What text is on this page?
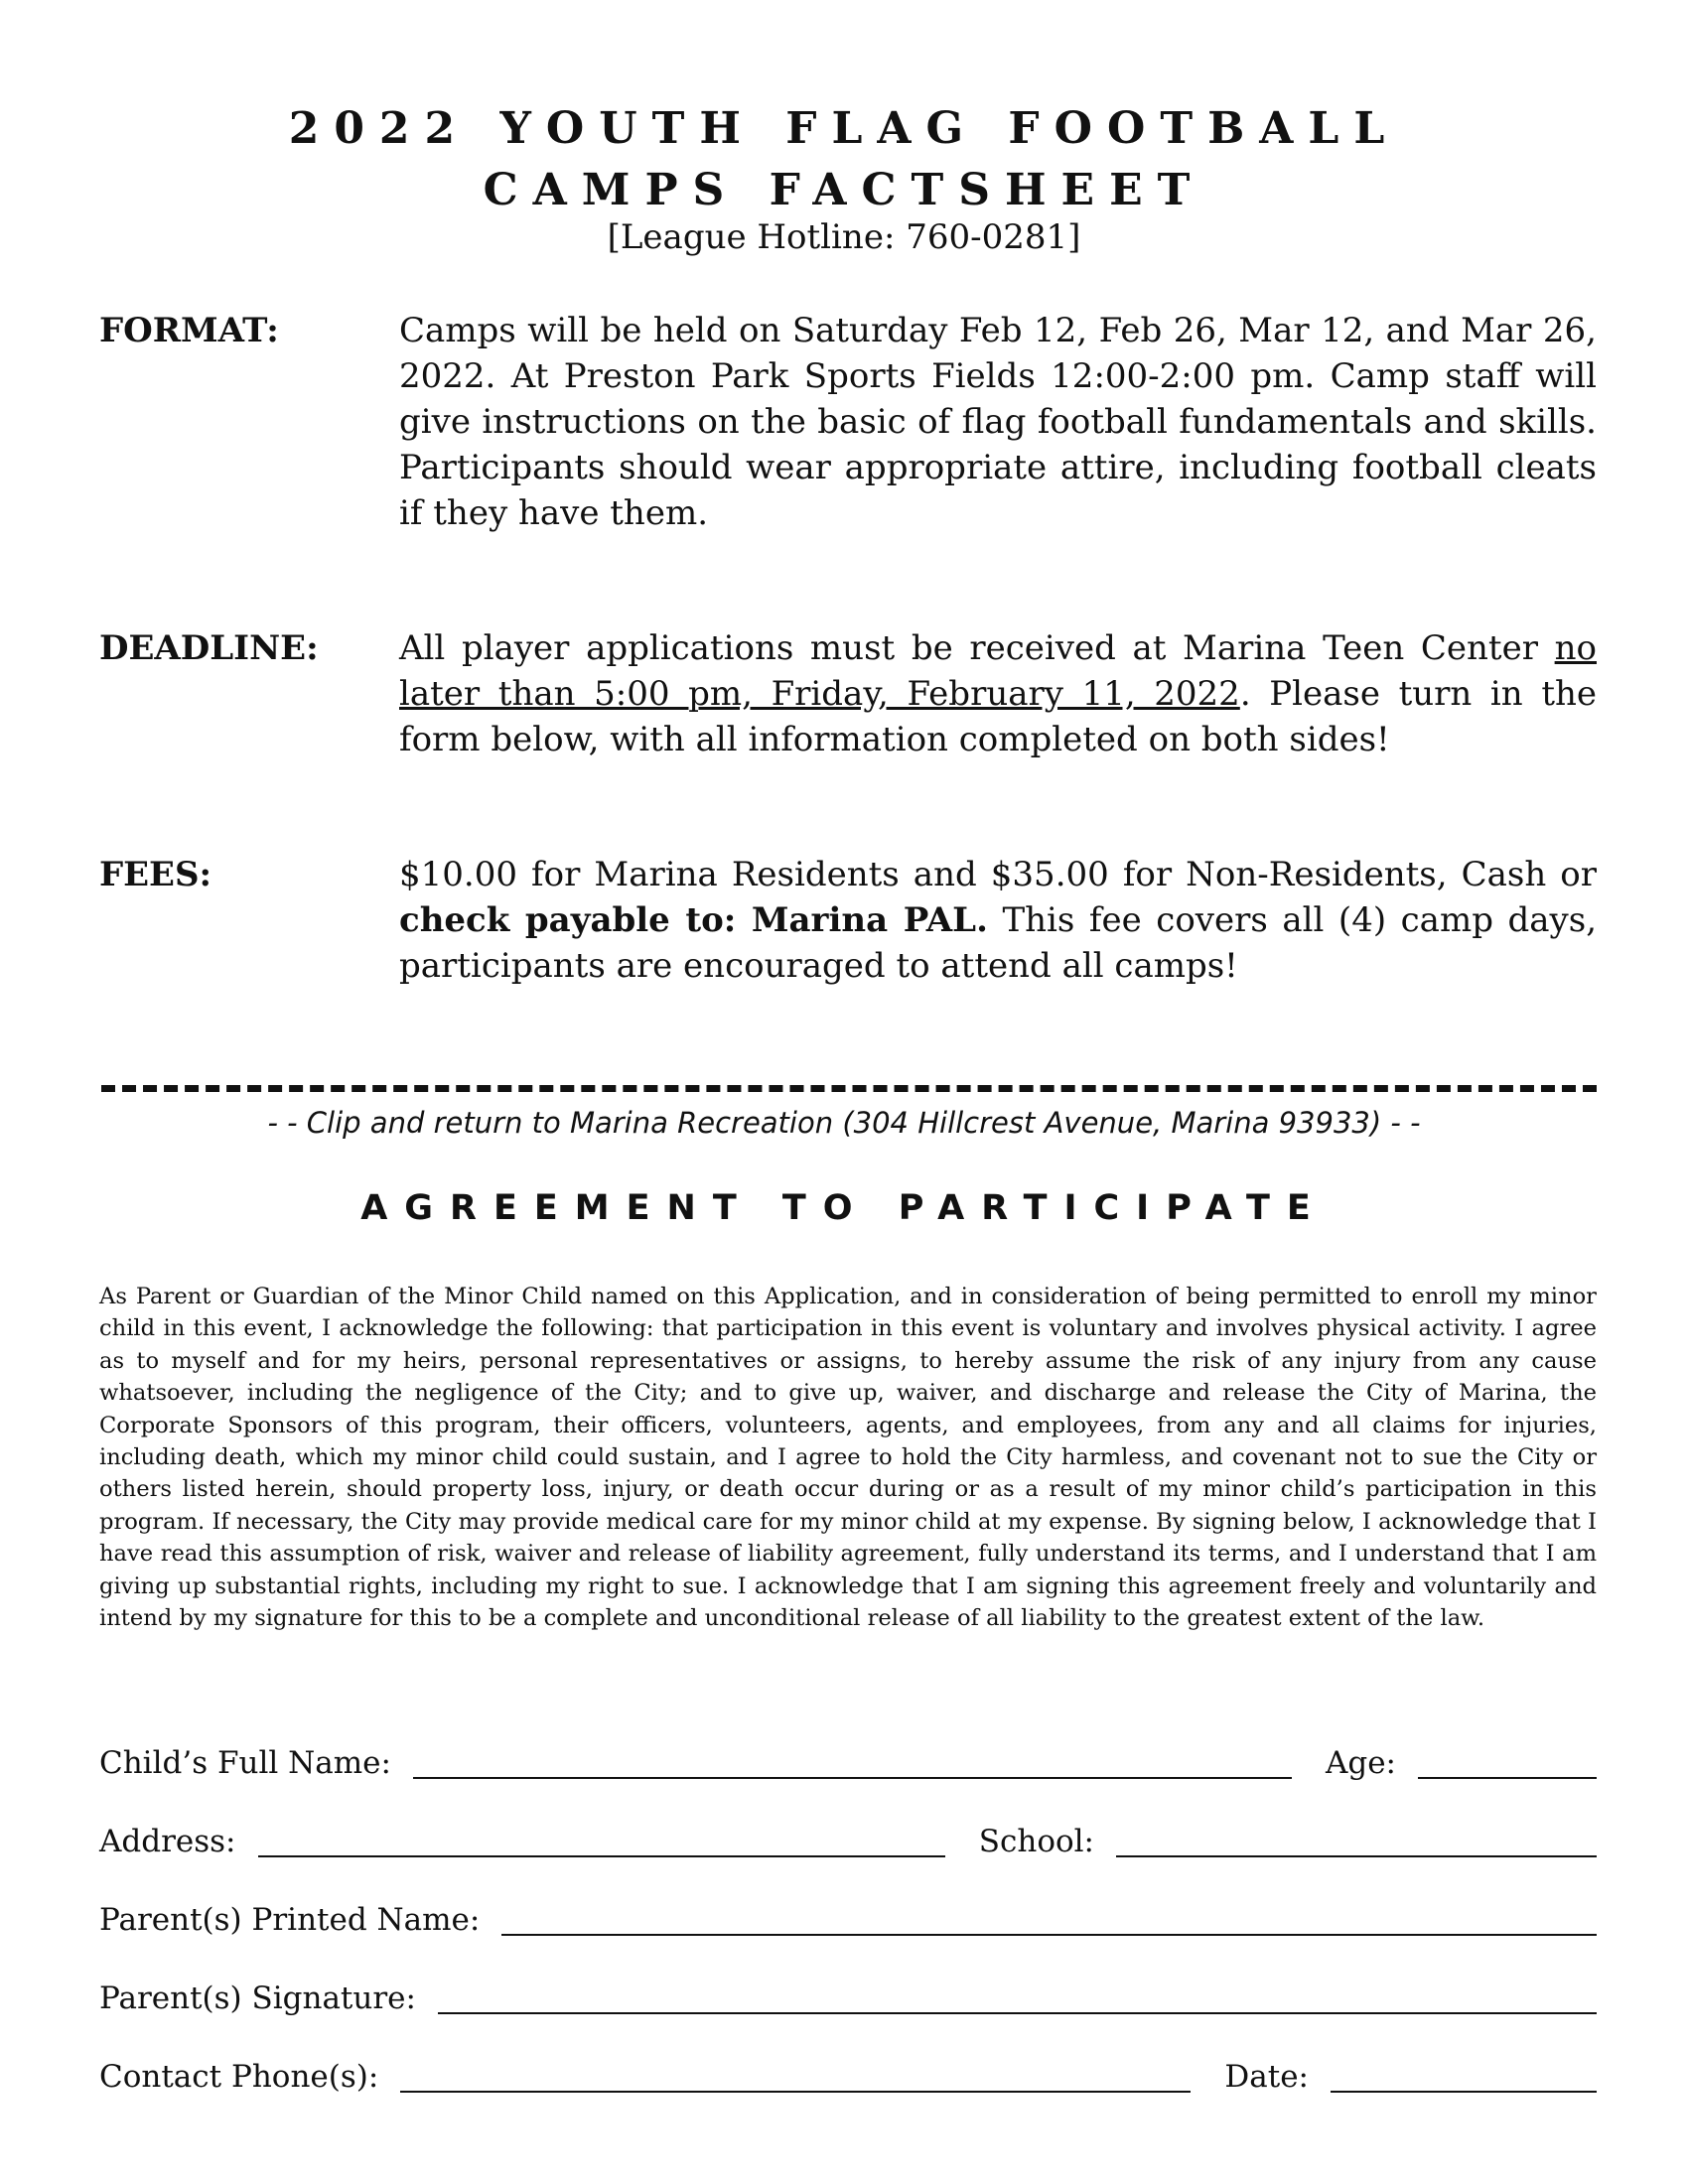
2022 YOUTH FLAG FOOTBALL
CAMPS FACTSHEET
[League Hotline: 760-0281]
FORMAT:	Camps will be held on Saturday Feb 12, Feb 26, Mar 12, and Mar 26, 2022. At Preston Park Sports Fields 12:00-2:00 pm. Camp staff will give instructions on the basic of flag football fundamentals and skills. Participants should wear appropriate attire, including football cleats if they have them.
DEADLINE: All player applications must be received at Marina Teen Center no later than 5:00 pm, Friday, February 11, 2022. Please turn in the form below, with all information completed on both sides!
FEES:	$10.00 for Marina Residents and $35.00 for Non-Residents, Cash or check payable to: Marina PAL. This fee covers all (4) camp days, participants are encouraged to attend all camps!
- - Clip and return to Marina Recreation (304 Hillcrest Avenue, Marina 93933) - -
AGREEMENT TO PARTICIPATE
As Parent or Guardian of the Minor Child named on this Application, and in consideration of being permitted to enroll my minor child in this event, I acknowledge the following: that participation in this event is voluntary and involves physical activity. I agree as to myself and for my heirs, personal representatives or assigns, to hereby assume the risk of any injury from any cause whatsoever, including the negligence of the City; and to give up, waiver, and discharge and release the City of Marina, the Corporate Sponsors of this program, their officers, volunteers, agents, and employees, from any and all claims for injuries, including death, which my minor child could sustain, and I agree to hold the City harmless, and covenant not to sue the City or others listed herein, should property loss, injury, or death occur during or as a result of my minor child’s participation in this program. If necessary, the City may provide medical care for my minor child at my expense. By signing below, I acknowledge that I have read this assumption of risk, waiver and release of liability agreement, fully understand its terms, and I understand that I am giving up substantial rights, including my right to sue. I acknowledge that I am signing this agreement freely and voluntarily and intend by my signature for this to be a complete and unconditional release of all liability to the greatest extent of the law.
Child’s Full Name:	Age:
Address:	School:
Parent(s) Printed Name:
Parent(s) Signature:
Contact Phone(s):	Date:
